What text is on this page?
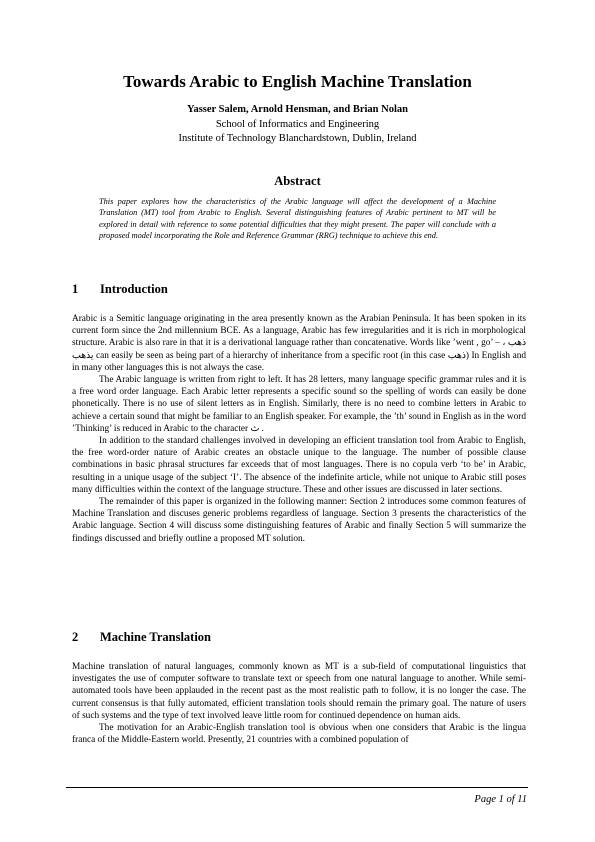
Towards Arabic to English Machine Translation
Yasser Salem, Arnold Hensman, and Brian Nolan
School of Informatics and Engineering
Institute of Technology Blanchardstown, Dublin, Ireland
Abstract
This paper explores how the characteristics of the Arabic language will affect the development of a Machine Translation (MT) tool from Arabic to English. Several distinguishing features of Arabic pertinent to MT will be explored in detail with reference to some potential difficulties that they might present. The paper will conclude with a proposed model incorporating the Role and Reference Grammar (RRG) technique to achieve this end.
1 Introduction

Arabic is a Semitic language originating in the area presently known as the Arabian Peninsula. It has been spoken in its current form since the 2nd millennium BCE. As a language, Arabic has few irregularities and it is rich in morphological structure. Arabic is also rare in that it is a derivational language rather than concatenative. Words like ’went , go’ – ذهب ، يذهب can easily be seen as being part of a hierarchy of inheritance from a specific root (in this case ذهب) In English and in many other languages this is not always the case.

The Arabic language is written from right to left. It has 28 letters, many language specific grammar rules and it is a free word order language. Each Arabic letter represents a specific sound so the spelling of words can easily be done phonetically. There is no use of silent letters as in English. Similarly, there is no need to combine letters in Arabic to achieve a certain sound that might be familiar to an English speaker. For example, the ’th’ sound in English as in the word ’Thinking’ is reduced in Arabic to the character ث .

In addition to the standard challenges involved in developing an efficient translation tool from Arabic to English, the free word-order nature of Arabic creates an obstacle unique to the language. The number of possible clause combinations in basic phrasal structures far exceeds that of most languages. There is no copula verb ‘to be’ in Arabic, resulting in a unique usage of the subject ‘I’. The absence of the indefinite article, while not unique to Arabic still poses many difficulties within the context of the language structure. These and other issues are discussed in later sections.

The remainder of this paper is organized in the following manner: Section 2 introduces some common features of Machine Translation and discuses generic problems regardless of language. Section 3 presents the characteristics of the Arabic language. Section 4 will discuss some distinguishing features of Arabic and finally Section 5 will summarize the findings discussed and briefly outline a proposed MT solution.

2 Machine Translation

Machine translation of natural languages, commonly known as MT is a sub-field of computational linguistics that investigates the use of computer software to translate text or speech from one natural language to another. While semi-automated tools have been applauded in the recent past as the most realistic path to follow, it is no longer the case. The current consensus is that fully automated, efficient translation tools should remain the primary goal. The nature of users of such systems and the type of text involved leave little room for continued dependence on human aids.

The motivation for an Arabic-English translation tool is obvious when one considers that Arabic is the lingua franca of the Middle-Eastern world. Presently, 21 countries with a combined population of

Page 1 of 11
